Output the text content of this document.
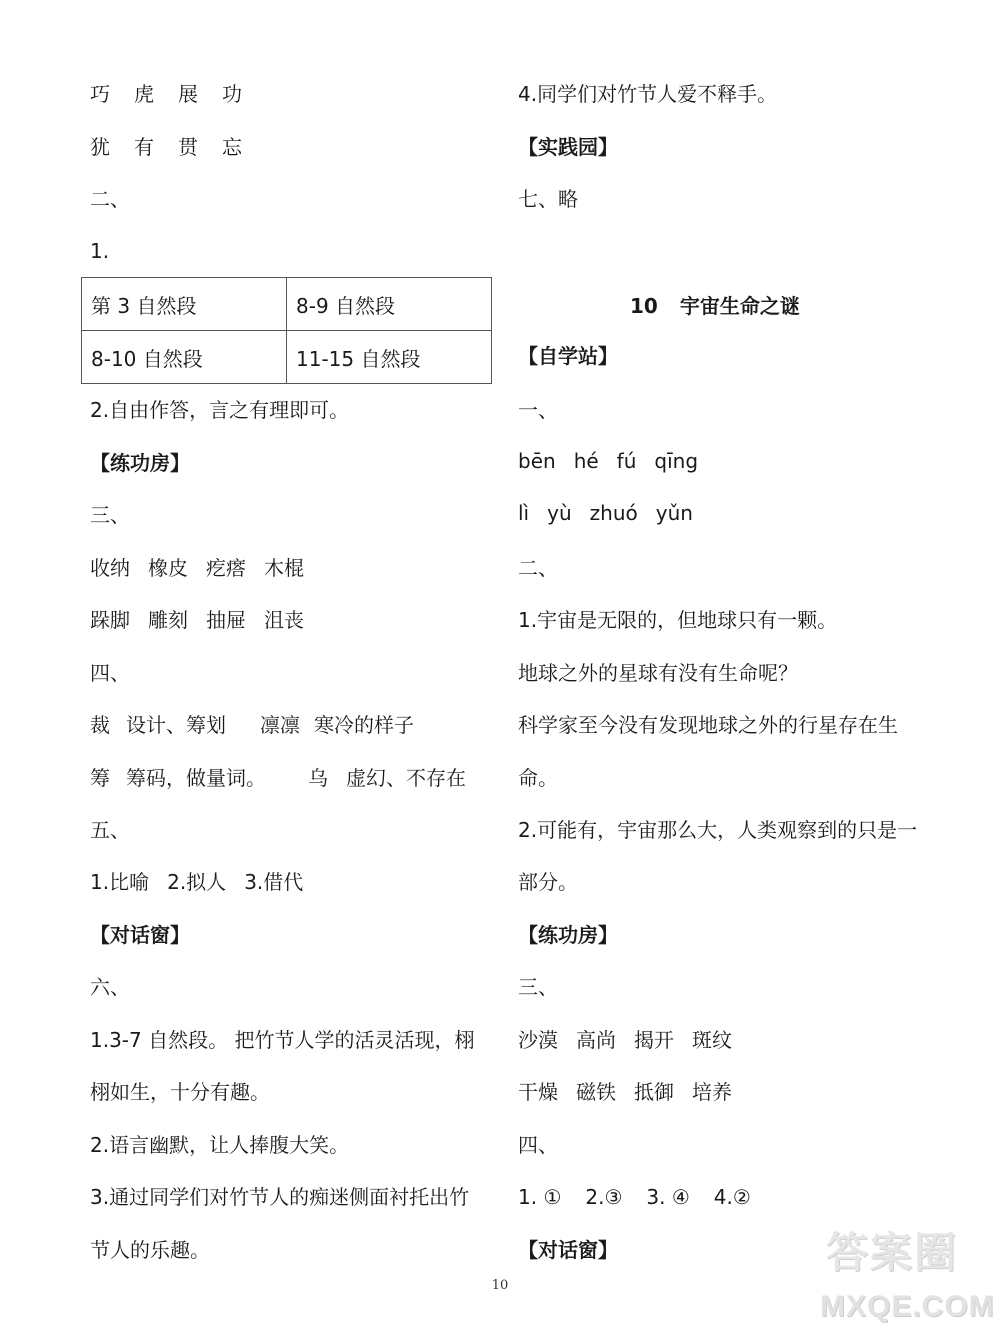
巧 虎 展 功
犹 有 贯 忘
二、
1.
第 3 自然段	8-9 自然段
8-10 自然段	11-15 自然段
2.自由作答，言之有理即可。
【练功房】
三、
收纳 橡皮 疙瘩 木棍
跺脚 雕刻 抽屉 沮丧
四、
裁 设计、筹划 凛凛 寒冷的样子
筹 筹码，做量词。 乌 虚幻、不存在
五、
1.比喻 2.拟人 3.借代
【对话窗】
六、
1.3-7 自然段。 把竹节人学的活灵活现，栩
栩如生，十分有趣。
2.语言幽默，让人捧腹大笑。
3.通过同学们对竹节人的痴迷侧面衬托出竹
节人的乐趣。
4.同学们对竹节人爱不释手。
【实践园】
七、略
【自学站】
一、
bēn hé fú qīng
lì yù zhuó yǔn
二、
1.宇宙是无限的，但地球只有一颗。
地球之外的星球有没有生命呢？
科学家至今没有发现地球之外的行星存在生
命。
2.可能有，宇宙那么大，人类观察到的只是一
部分。
【练功房】
三、
沙漠 高尚 揭开 斑纹
干燥 磁铁 抵御 培养
四、
1. ① 2.③ 3. ④ 4.②
【对话窗】
10 宇宙生命之谜
10
答案圈
MXQE.COM
